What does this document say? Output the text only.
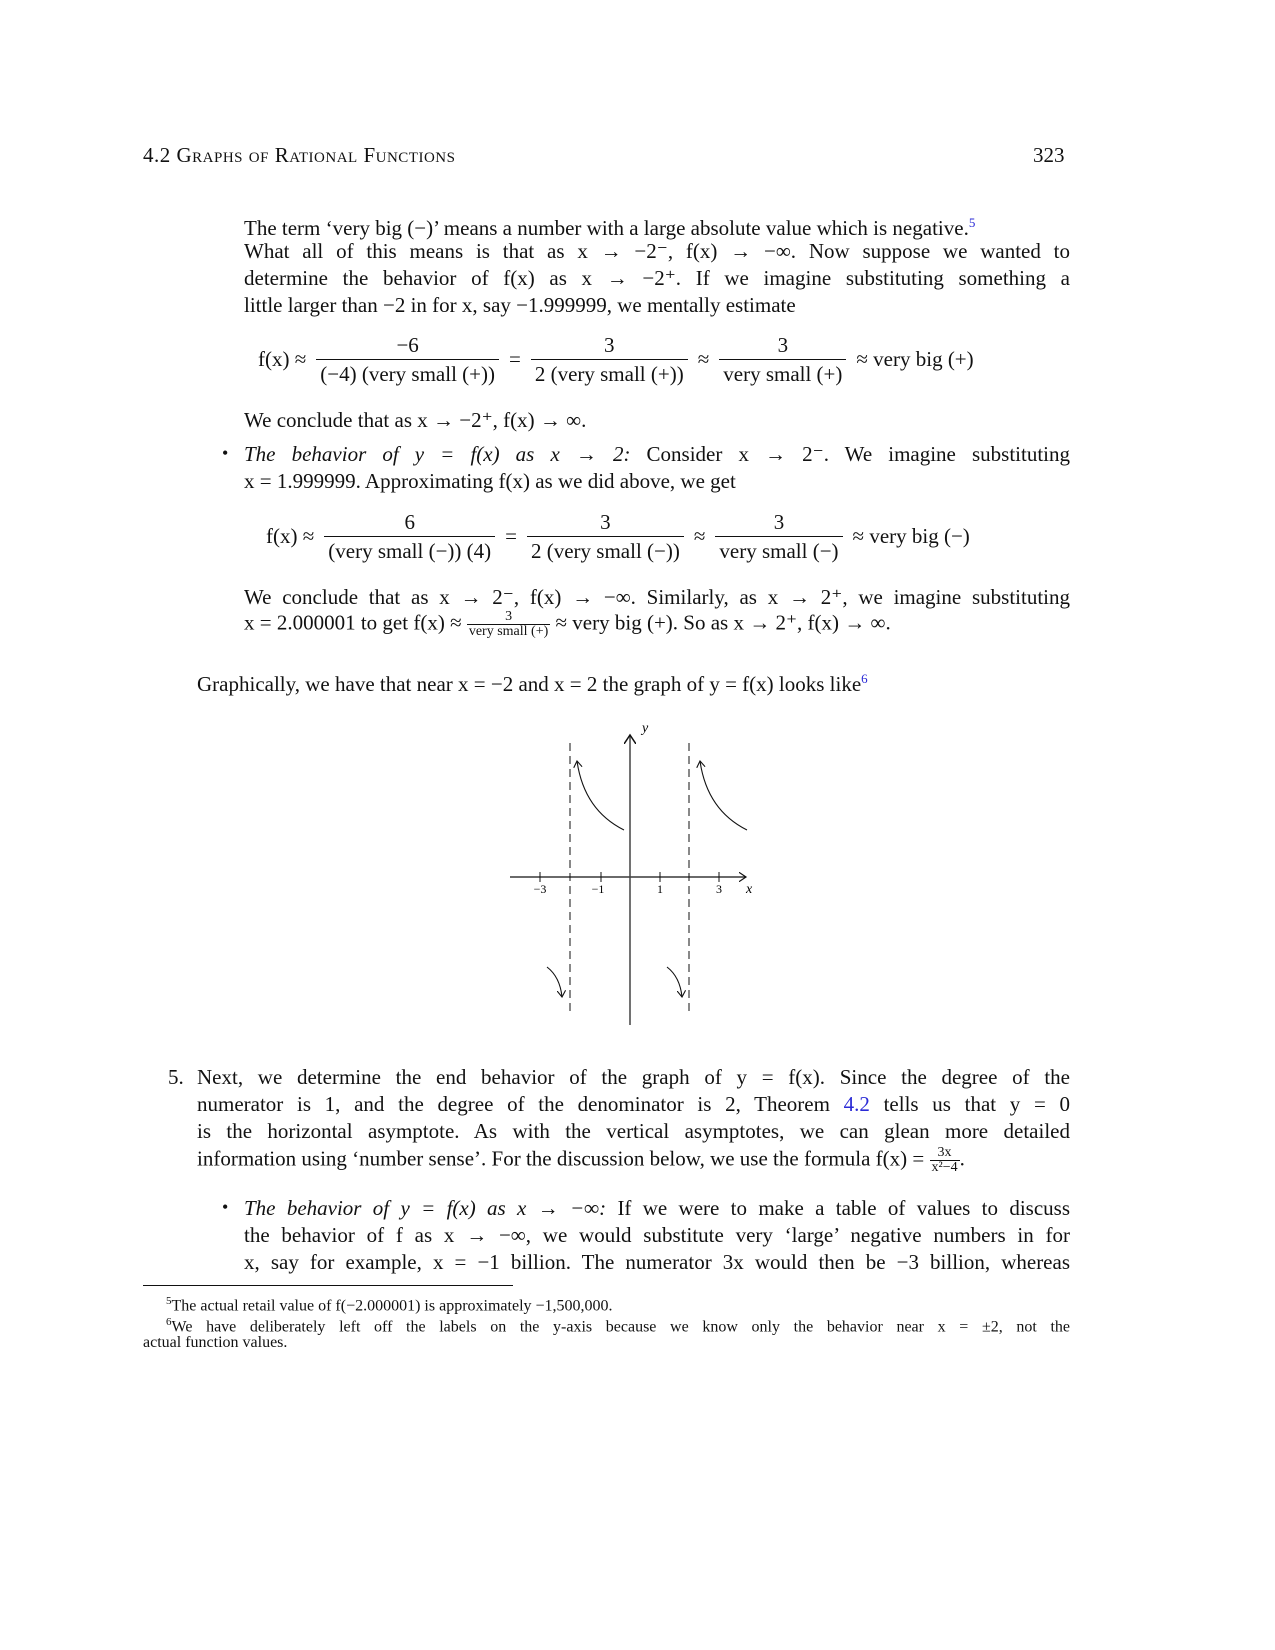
4.2 Graphs of Rational Functions	323
The term ‘very big (−)’ means a number with a large absolute value which is negative.$^5$
What all of this means is that as x → −2⁻, f(x) → −∞. Now suppose we wanted to
determine the behavior of f(x) as x → −2⁺. If we imagine substituting something a
little larger than −2 in for x, say −1.999999, we mentally estimate
$f(x) \approx \frac{-6}{\text{(−4) (very small (+))}} = \frac{3}{\text{2 (very small (+))}} \approx \frac{3}{\text{very small (+)}}$ ≈ very big (+)
We conclude that as x → −2⁺, f(x) → ∞.
• The behavior of y = f(x) as x → 2: Consider x → 2⁻. We imagine substituting
x = 1.999999. Approximating f(x) as we did above, we get
$f(x) \approx \frac{6}{\text{(very small (−)) (4)}} = \frac{3}{\text{2 (very small (−))}} \approx \frac{3}{\text{very small (−)}}$ ≈ very big (−)
We conclude that as x → 2⁻, f(x) → −∞. Similarly, as x → 2⁺, we imagine substituting
x = 2.000001 to get f(x) ≈	3
very small (+) ≈ very big (+). So as x → 2⁺, f(x) → ∞.
Graphically, we have that near x = −2 and x = 2 the graph of y = f(x) looks like$^6$
−3	−1	1	3 x
y
5. Next, we determine the end behavior of the graph of y = f(x). Since the degree of the
numerator is 1, and the degree of the denominator is 2, Theorem 4.2 tells us that y = 0
is the horizontal asymptote. As with the vertical asymptotes, we can glean more detailed
information using ‘number sense’. For the discussion below, we use the formula $f(x) = \frac{3x}{\text{x²−4}}$ .
• The behavior of y = f(x) as x → −∞: If we were to make a table of values to discuss
the behavior of f as x → −∞, we would substitute very ‘large’ negative numbers in for
x, say for example, x = −1 billion. The numerator 3x would then be −3 billion, whereas
$^5$The actual retail value of f(−2.000001) is approximately −1,500,000.
$^6$We have deliberately left off the labels on the y-axis because we know only the behavior near x = ±2, not the
actual function values.
